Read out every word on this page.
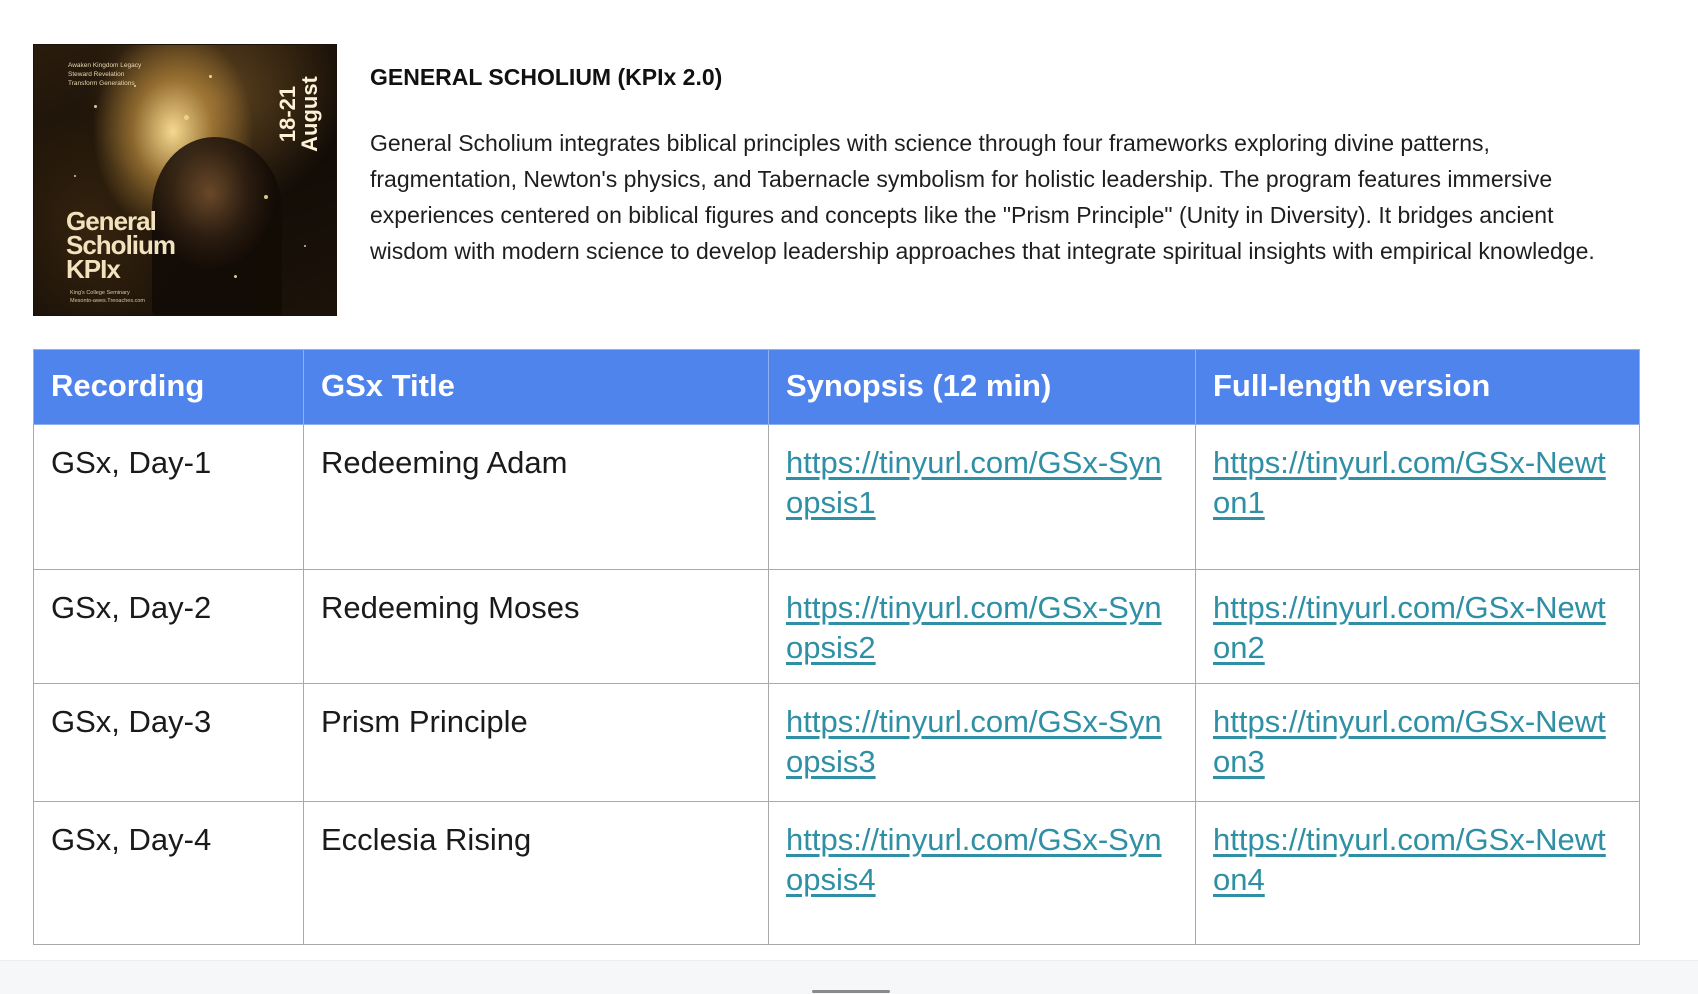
Awaken Kingdom Legacy
Steward Revelation
Transform Generations
18-21
August
General
Scholium
KPIx
King's College Seminary
Mesonto-awes.Treoaches.com
GENERAL SCHOLIUM (KPIx 2.0)

General Scholium integrates biblical principles with science through four frameworks exploring divine patterns, fragmentation, Newton's physics, and Tabernacle symbolism for holistic leadership. The program features immersive experiences centered on biblical figures and concepts like the "Prism Principle" (Unity in Diversity). It bridges ancient wisdom with modern science to develop leadership approaches that integrate spiritual insights with empirical knowledge.

Recording	GSx Title	Synopsis (12 min)	Full-length version
GSx, Day-1	Redeeming Adam	https://tinyurl.com/GSx-Synopsis1	https://tinyurl.com/GSx-Newton1
GSx, Day-2	Redeeming Moses	https://tinyurl.com/GSx-Synopsis2	https://tinyurl.com/GSx-Newton2
GSx, Day-3	Prism Principle	https://tinyurl.com/GSx-Synopsis3	https://tinyurl.com/GSx-Newton3
GSx, Day-4	Ecclesia Rising	https://tinyurl.com/GSx-Synopsis4	https://tinyurl.com/GSx-Newton4
